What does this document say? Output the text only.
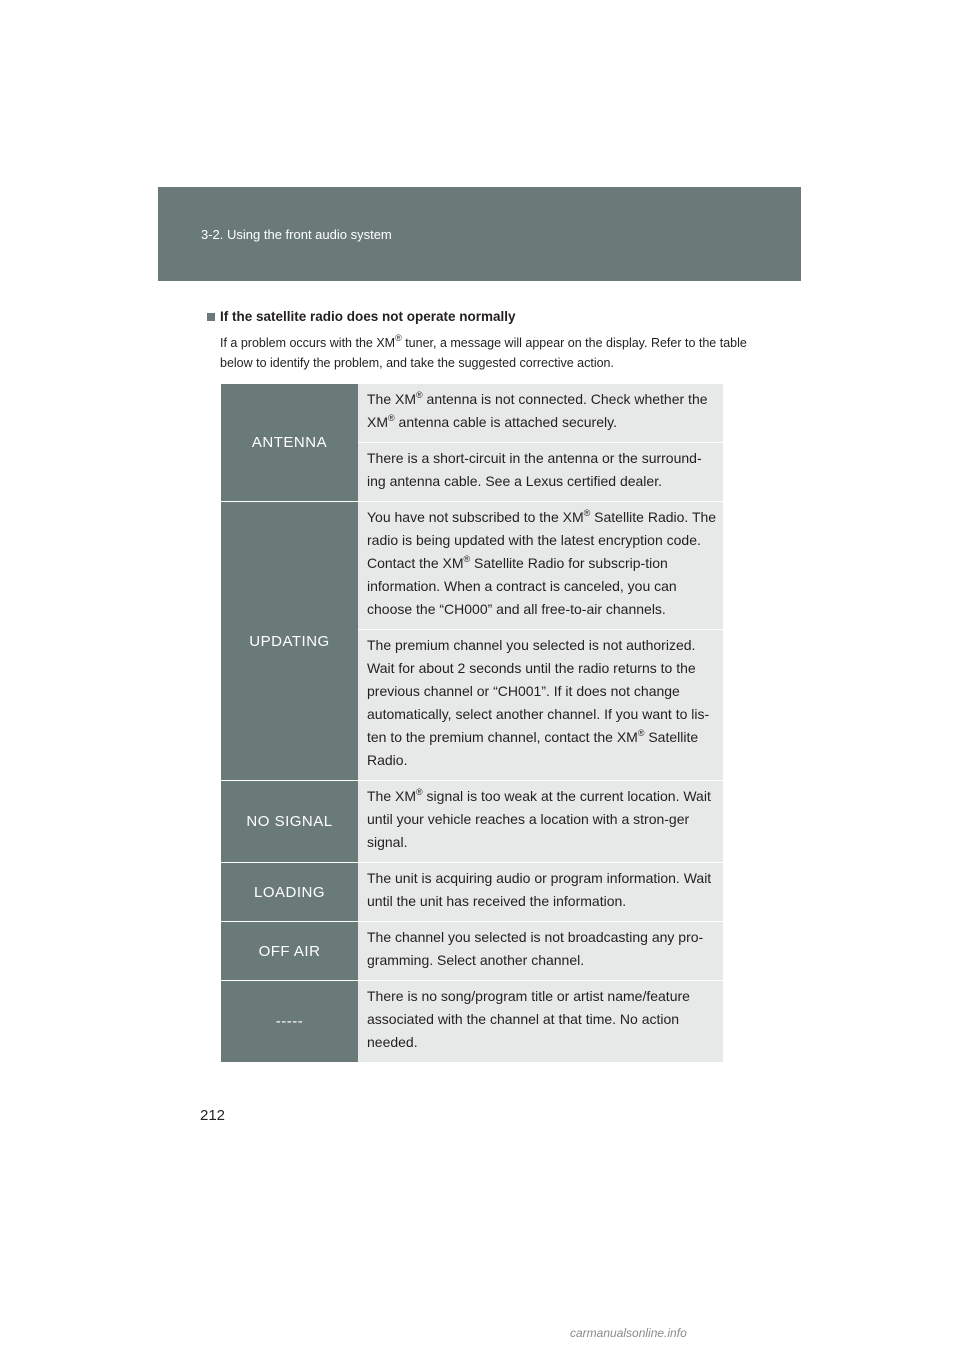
3-2. Using the front audio system
If the satellite radio does not operate normally
If a problem occurs with the XM® tuner, a message will appear on the display. Refer to the table below to identify the problem, and take the suggested corrective action.
ANTENNA	The XM® antenna is not connected. Check whether the XM® antenna cable is attached securely.
	There is a short-circuit in the antenna or the surround-ing antenna cable. See a Lexus certified dealer.
UPDATING	You have not subscribed to the XM® Satellite Radio. The radio is being updated with the latest encryption code. Contact the XM® Satellite Radio for subscrip-tion information. When a contract is canceled, you can choose the “CH000” and all free-to-air channels.
	The premium channel you selected is not authorized. Wait for about 2 seconds until the radio returns to the previous channel or “CH001”. If it does not change automatically, select another channel. If you want to lis-ten to the premium channel, contact the XM® Satellite Radio.
NO SIGNAL	The XM® signal is too weak at the current location. Wait until your vehicle reaches a location with a stron-ger signal.
LOADING	The unit is acquiring audio or program information. Wait until the unit has received the information.
OFF AIR	The channel you selected is not broadcasting any pro-gramming. Select another channel.
-----	There is no song/program title or artist name/feature associated with the channel at that time. No action needed.
212
carmanualsonline.info
